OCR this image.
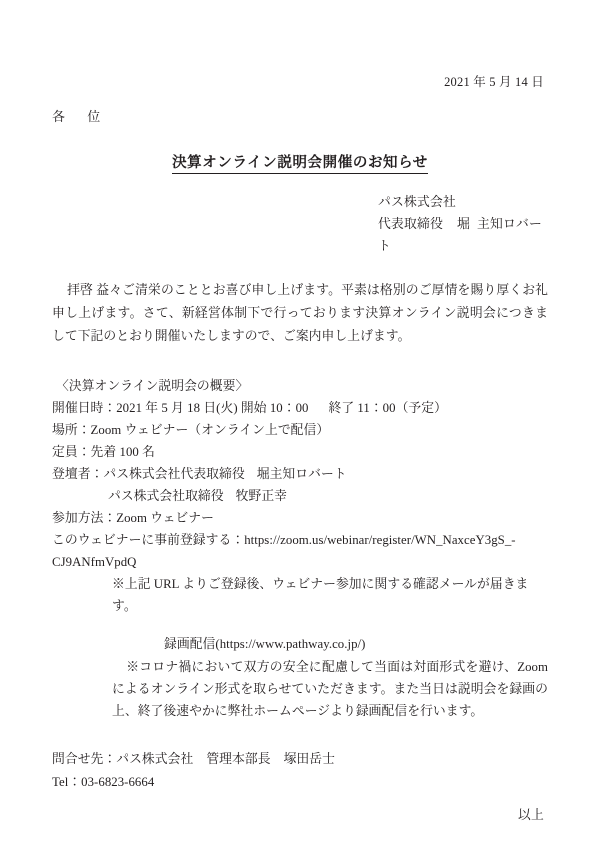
2021 年 5 月 14 日
各 位
決算オンライン説明会開催のお知らせ
パス株式会社
代表取締役 堀 主知ロバート
拝啓 益々ご清栄のこととお喜び申し上げます。平素は格別のご厚情を賜り厚くお礼申し上げます。さて、新経営体制下で行っております決算オンライン説明会につきまして下記のとおり開催いたしますので、ご案内申し上げます。
〈決算オンライン説明会の概要〉
開催日時：2021 年 5 月 18 日(火) 開始 10：00 終了 11：00（予定）
場所：Zoom ウェビナー（オンライン上で配信）
定員：先着 100 名
登壇者：パス株式会社代表取締役 堀主知ロバート
パス株式会社取締役 牧野正幸
参加方法：Zoom ウェビナー
このウェビナーに事前登録する：https://zoom.us/webinar/register/WN_NaxceY3gS_-CJ9ANfmVpdQ
※上記 URL よりご登録後、ウェビナー参加に関する確認メールが届きます。
録画配信(https://www.pathway.co.jp/)
※コロナ禍において双方の安全に配慮して当面は対面形式を避け、Zoom によるオンライン形式を取らせていただきます。また当日は説明会を録画の上、終了後速やかに弊社ホームページより録画配信を行います。
問合せ先：パス株式会社 管理本部長 塚田岳士
Tel：03-6823-6664
以上
